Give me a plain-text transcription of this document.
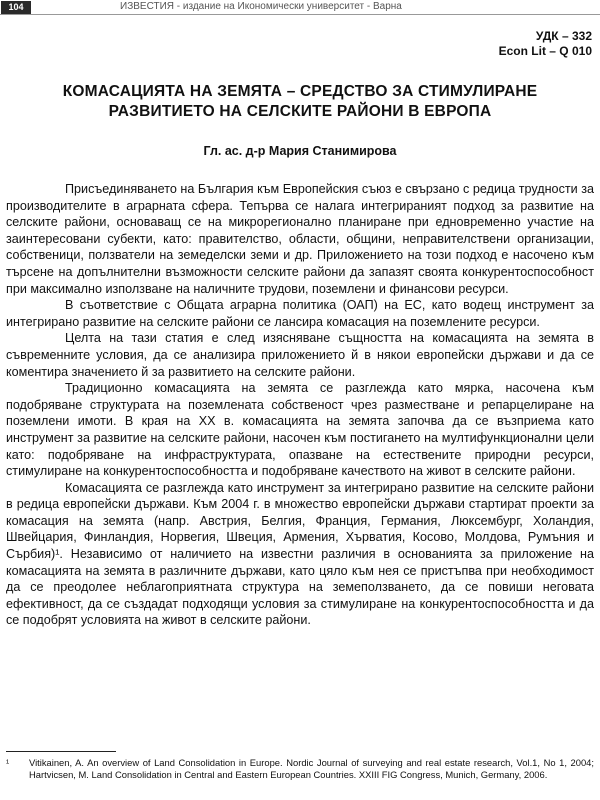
104	ИЗВЕСТИЯ - издание на Икономически университет - Варна
УДК – 332
Econ Lit – Q 010
КОМАСАЦИЯТА НА ЗЕМЯТА – СРЕДСТВО ЗА СТИМУЛИРАНЕ
РАЗВИТИЕТО НА СЕЛСКИТЕ РАЙОНИ В ЕВРОПА
Гл. ас. д-р Мария Станимирова

Присъединяването на България към Европейския съюз е свързано с редица трудности за производителите в аграрната сфера. Тепърва се налага интегрираният подход за развитие на селските райони, основаващ се на микрорегионално планиране при едновременно участие на заинтересовани субекти, като: правителство, области, общини, неправителствени организации, собственици, ползватели на земеделски земи и др. Приложението на този подход е насочено към търсене на допълнителни възможности селските райони да запазят своята конкурентоспособност при максимално използване на наличните трудови, поземлени и финансови ресурси.

В съответствие с Общата аграрна политика (ОАП) на ЕС, като водещ инструмент за интегрирано развитие на селските райони се лансира комасация на поземлените ресурси.

Целта на тази статия е след изясняване същността на комасацията на земята в съвременните условия, да се анализира приложението й в някои европейски държави и да се коментира значението й за развитието на селските райони.

Традиционно комасацията на земята се разглежда като мярка, насочена към подобряване структурата на поземлената собственост чрез разместване и репарцелиране на поземлени имоти. В края на XX в. комасацията на земята започва да се възприема като инструмент за развитие на селските райони, насочен към постигането на мултифункционални цели като: подобряване на инфраструктурата, опазване на естествените природни ресурси, стимулиране на конкурентоспособността и подобряване качеството на живот в селските райони.

Комасацията се разглежда като инструмент за интегрирано развитие на селските райони в редица европейски държави. Към 2004 г. в множество европейски държави стартират проекти за комасация на земята (напр. Австрия, Белгия, Франция, Германия, Люксембург, Холандия, Швейцария, Финландия, Норвегия, Швеция, Армения, Хърватия, Косово, Молдова, Румъния и Сърбия)¹. Независимо от наличието на известни различия в основанията за приложение на комасацията на земята в различните държави, като цяло към нея се пристъпва при необходимост да се преодолее неблагоприятната структура на земеползването, да се повиши неговата ефективност, да се създадат подходящи условия за стимулиране на конкурентоспособността и да се подобрят условията на живот в селските райони.

¹	Vitikainen, A. An overview of Land Consolidation in Europe. Nordic Journal of surveying and real estate research, Vol.1, No 1, 2004; Hartvicsen, M. Land Consolidation in Central and Eastern European Countries. XXIII FIG Congress, Munich, Germany, 2006.
